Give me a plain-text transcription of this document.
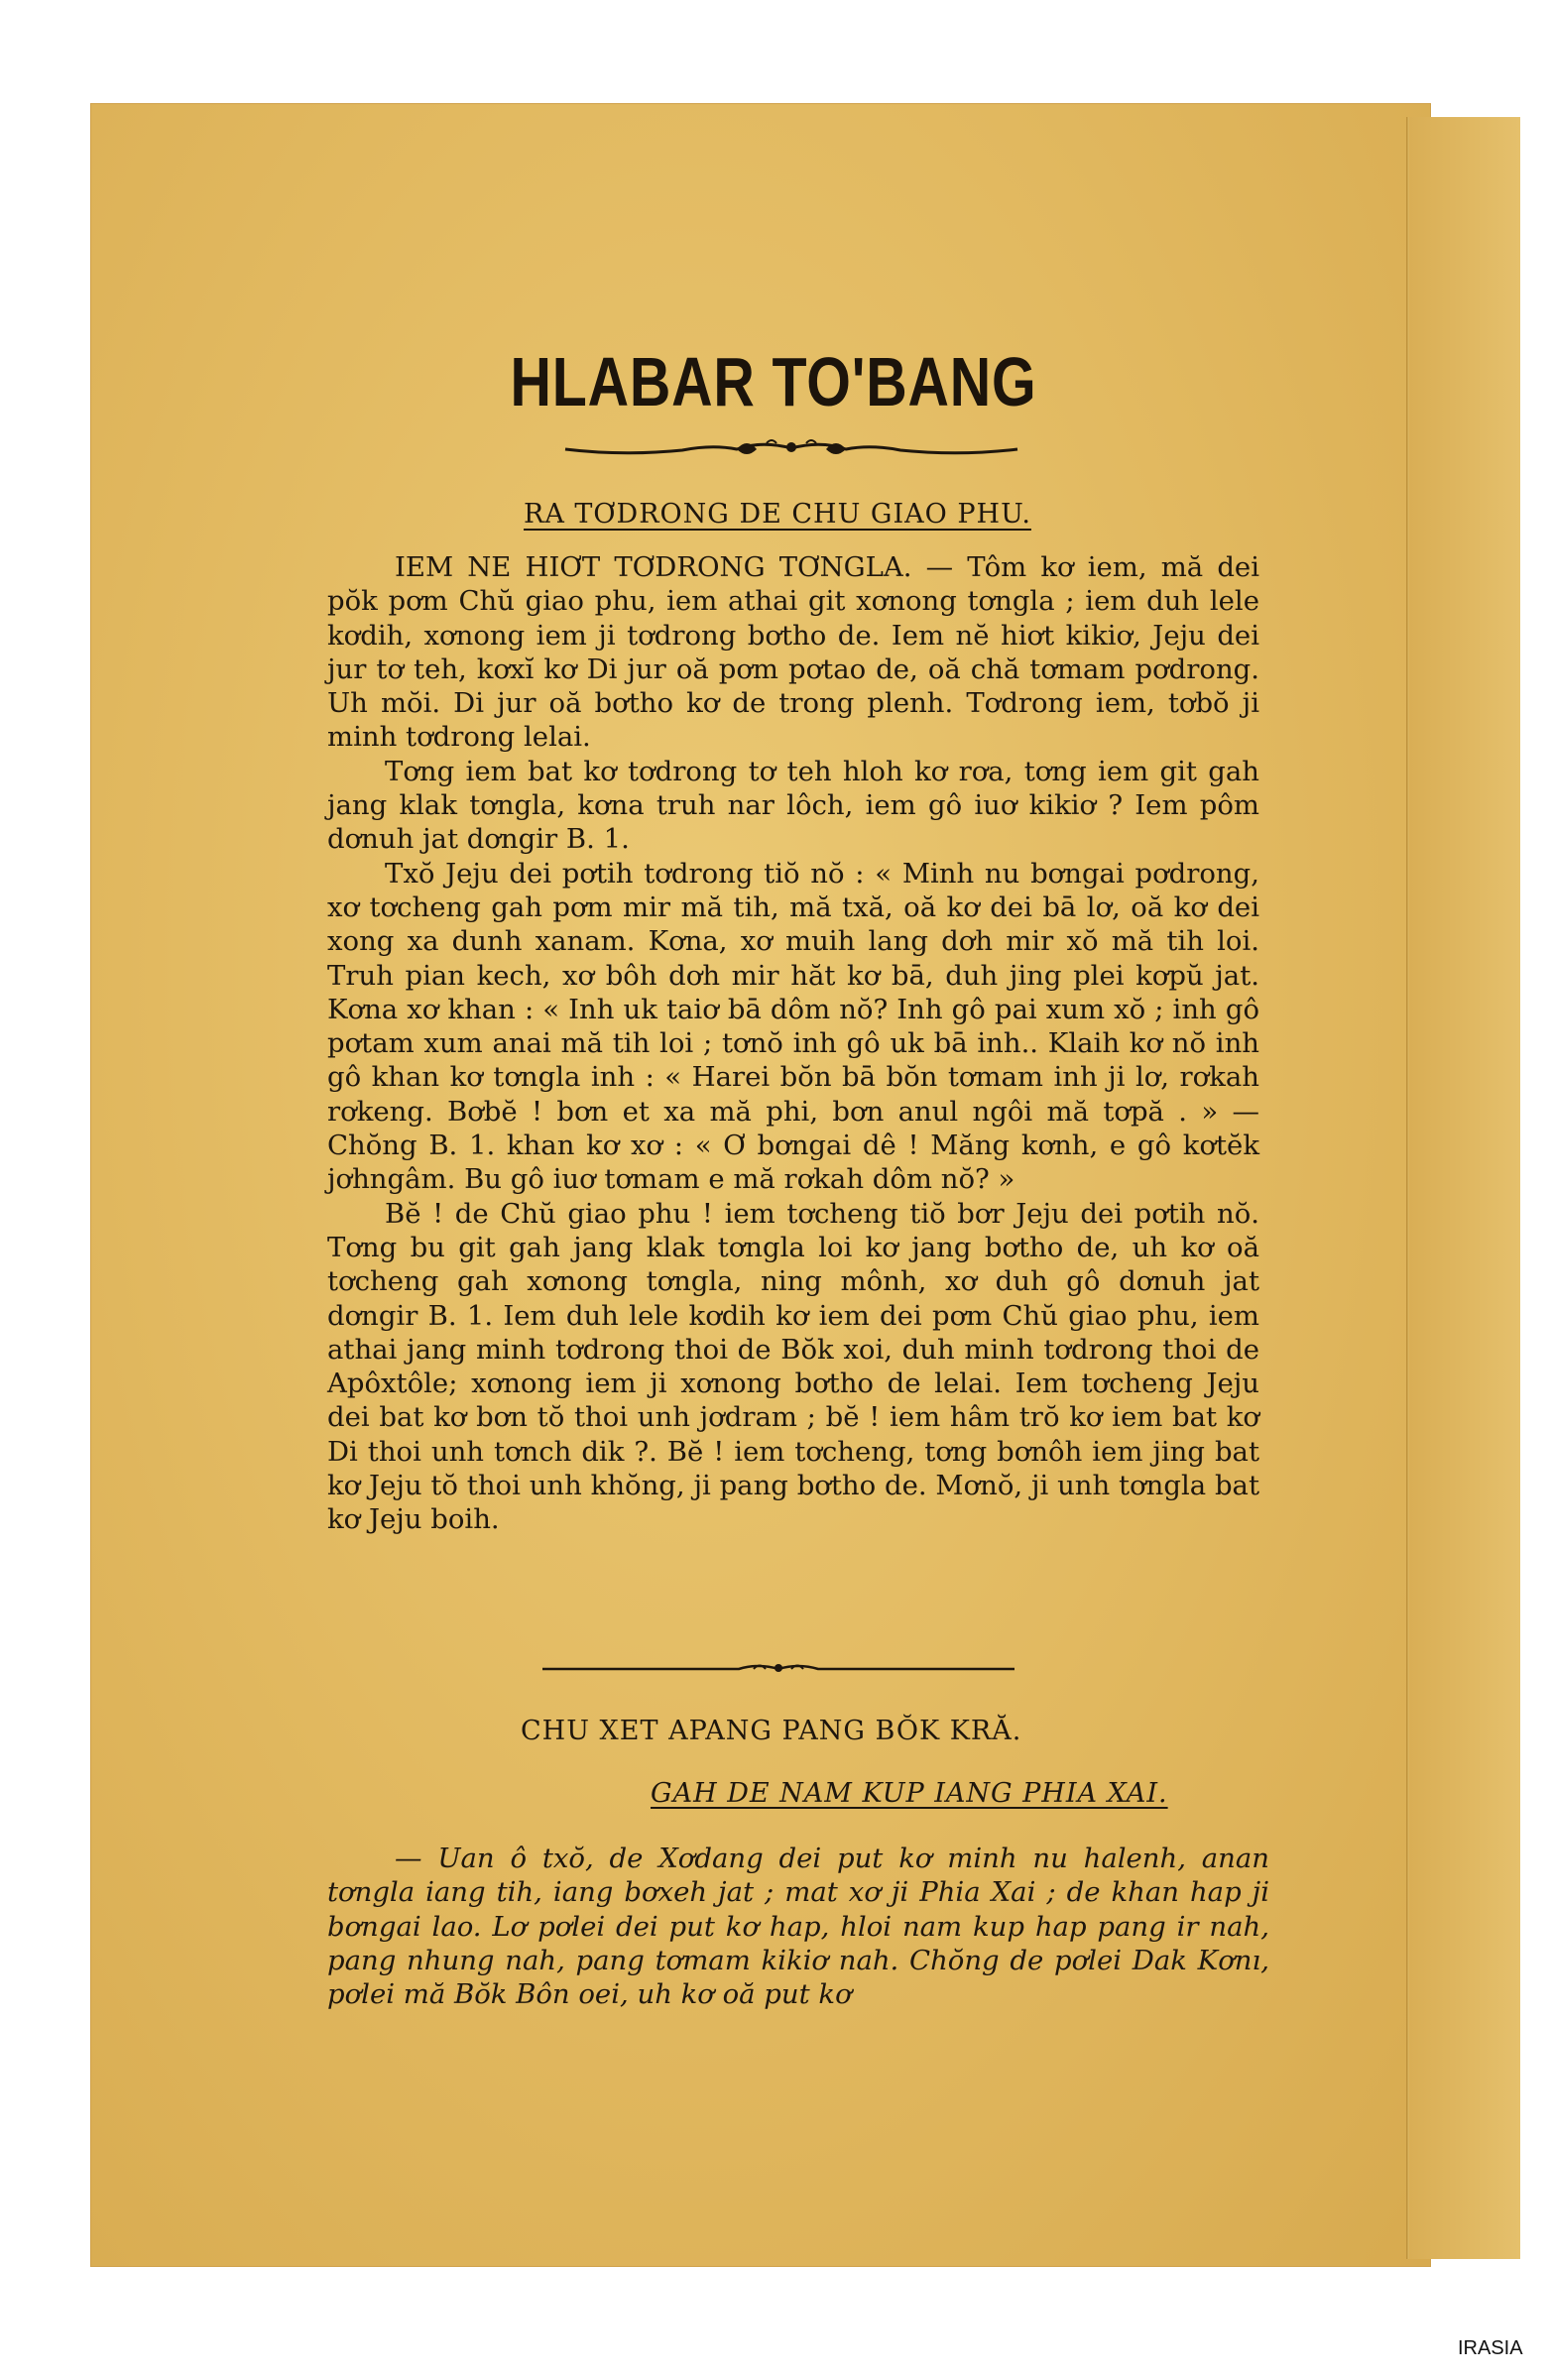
HLABAR TO'BANG
RA TƠDRONG DE CHU GIAO PHU.

IEM NE HIƠT TƠDRONG TƠNGLA. — Tôm kơ iem, mă dei pŏk pơm Chŭ giao phu, iem athai git xơnong tơngla ; iem duh lele kơdih, xơnong iem ji tơdrong bơtho de. Iem nĕ hiơt kikiơ, Jeju dei jur tơ teh, kơxĭ kơ Di jur oă pơm pơtao de, oă chă tơmam pơdrong. Uh mŏi. Di jur oă bơtho kơ de trong plenh. Tơdrong iem, tơbŏ ji minh tơdrong lelai.

Tơng iem bat kơ tơdrong tơ teh hloh kơ rơa, tơng iem git gah jang klak tơngla, kơna truh nar lôch, iem gô iuơ kikiơ ? Iem pôm dơnuh jat dơngir B. 1.

Txŏ Jeju dei pơtih tơdrong tiŏ nŏ : « Minh nu bơngai pơdrong, xơ tơcheng gah pơm mir mă tih, mă txă, oă kơ dei bā lơ, oă kơ dei xong xa dunh xanam. Kơna, xơ muih lang dơh mir xŏ mă tih loi. Truh pian kech, xơ bôh dơh mir hăt kơ bā, duh jing plei kơpŭ jat. Kơna xơ khan : « Inh uk taiơ bā dôm nŏ? Inh gô pai xum xŏ ; inh gô pơtam xum anai mă tih loi ; tơnŏ inh gô uk bā inh.. Klaih kơ nŏ inh gô khan kơ tơngla inh : « Harei bŏn bā bŏn tơmam inh ji lơ, rơkah rơkeng. Bơbĕ ! bơn et xa mă phi, bơn anul ngôi mă tơpă . » — Chŏng B. 1. khan kơ xơ : « Ơ bơngai dê ! Măng kơnh, e gô kơtĕk jơhngâm. Bu gô iuơ tơmam e mă rơkah dôm nŏ? »

Bĕ ! de Chŭ giao phu ! iem tơcheng tiŏ bơr Jeju dei pơtih nŏ. Tơng bu git gah jang klak tơngla loi kơ jang bơtho de, uh kơ oă tơcheng gah xơnong tơngla, ning mônh, xơ duh gô dơnuh jat dơngir B. 1. Iem duh lele kơdih kơ iem dei pơm Chŭ giao phu, iem athai jang minh tơdrong thoi de Bŏk xoi, duh minh tơdrong thoi de Apôxtôle; xơnong iem ji xơnong bơtho de lelai. Iem tơcheng Jeju dei bat kơ bơn tŏ thoi unh jơdram ; bĕ ! iem hâm trŏ kơ iem bat kơ Di thoi unh tơnch dik ?. Bĕ ! iem tơcheng, tơng bơnôh iem jing bat kơ Jeju tŏ thoi unh khŏng, ji pang bơtho de. Mơnŏ, ji unh tơngla bat kơ Jeju boih.

CHU XET APANG PANG BŎK KRĂ.
GAH DE NAM KUP IANG PHIA XAI.

— Uan ô txŏ, de Xơdang dei put kơ minh nu halenh, anan tơngla iang tih, iang bơxeh jat ; mat xơ ji Phia Xai ; de khan hap ji bơngai lao. Lơ pơlei dei put kơ hap, hloi nam kup hap pang ir nah, pang nhung nah, pang tơmam kikiơ nah. Chŏng de pơlei Dak Kơnı, pơlei mă Bŏk Bôn oei, uh kơ oă put kơ

IRASIA
